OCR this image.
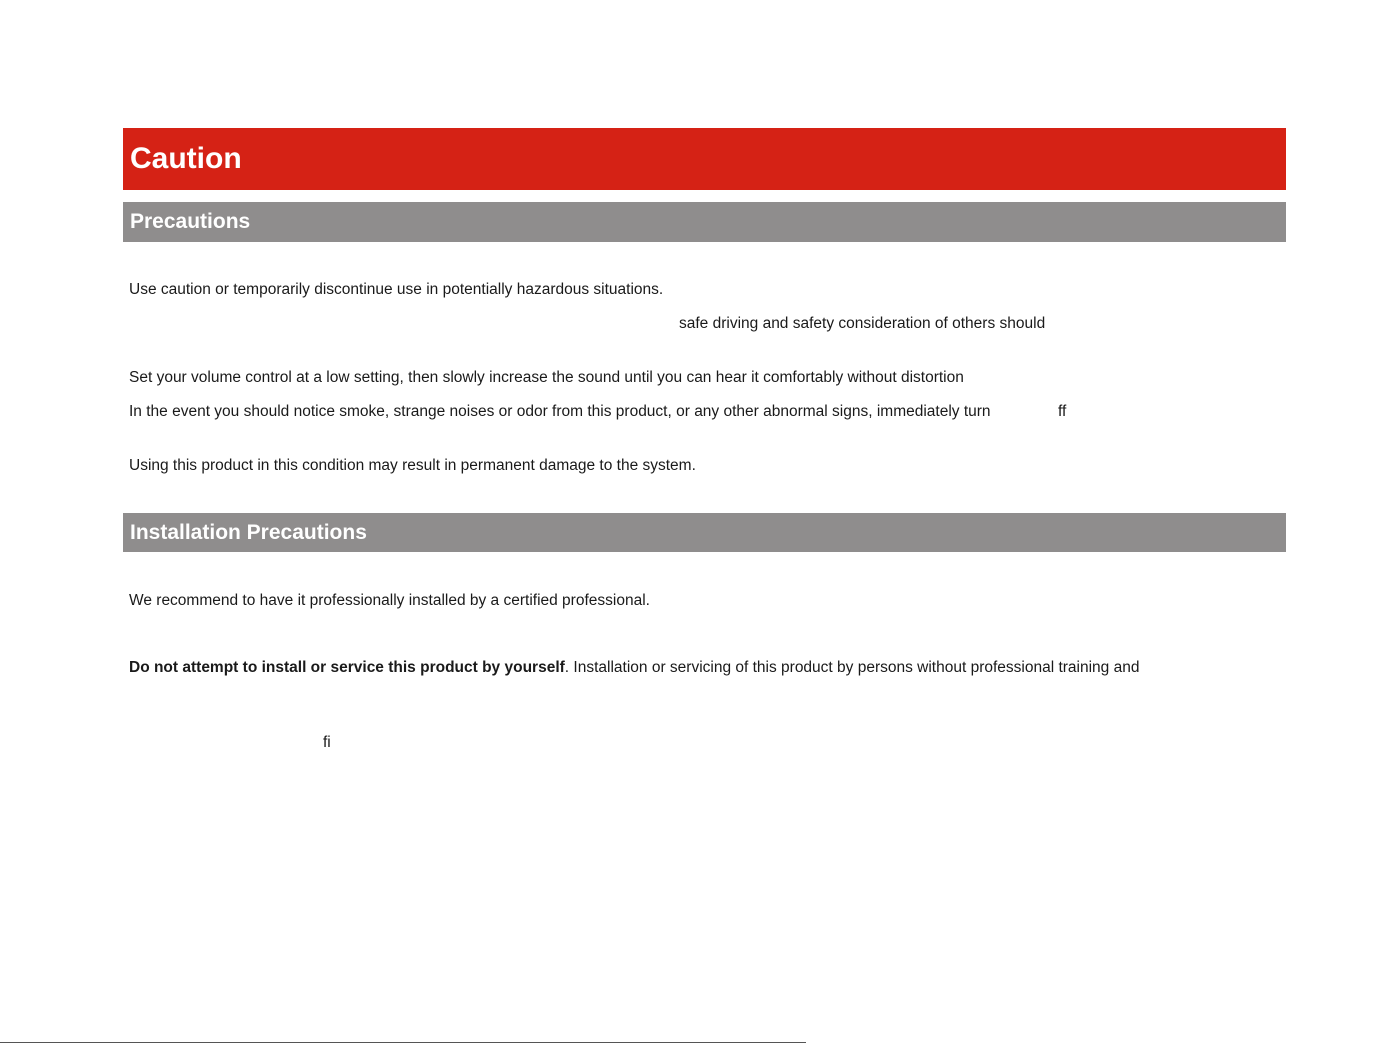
Caution
Precautions
Use caution or temporarily discontinue use in potentially hazardous situations.
safe driving and safety consideration of others should
Set your volume control at a low setting, then slowly increase the sound until you can hear it comfortably without distortion
In the event you should notice smoke, strange noises or odor from this product, or any other abnormal signs, immediately turn	ff
Using this product in this condition may result in permanent damage to the system.
Installation Precautions
We recommend to have it professionally installed by a certified professional.
Do not attempt to install or service this product by yourself. Installation or servicing of this product by persons without professional training and
fi
